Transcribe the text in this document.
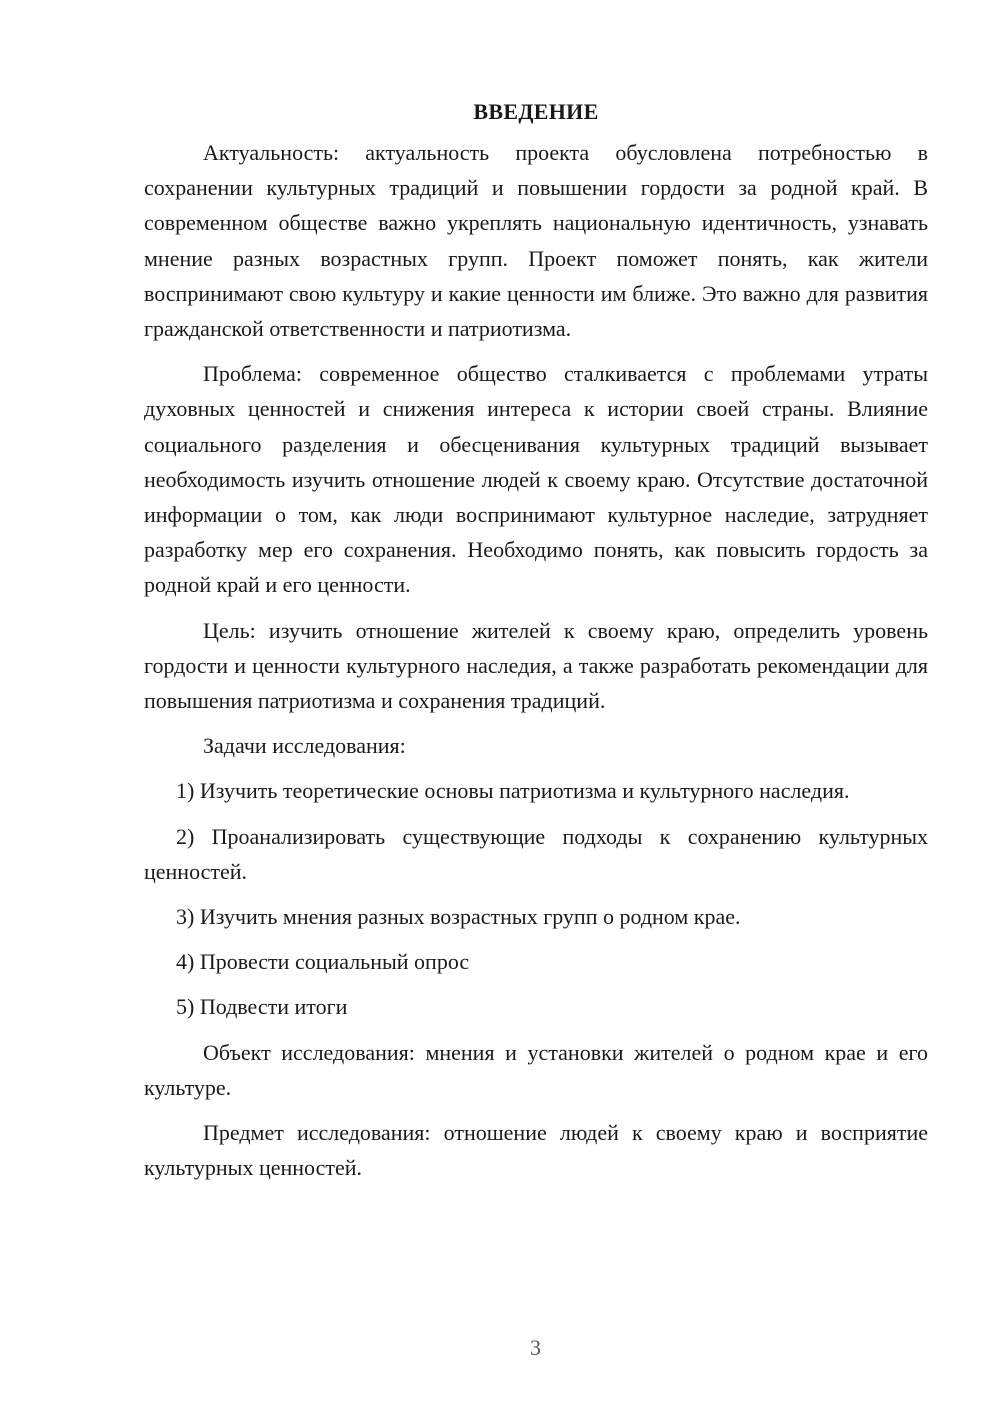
ВВЕДЕНИЕ

Актуальность: актуальность проекта обусловлена потребностью в сохранении культурных традиций и повышении гордости за родной край. В современном обществе важно укреплять национальную идентичность, узнавать мнение разных возрастных групп. Проект поможет понять, как жители воспринимают свою культуру и какие ценности им ближе. Это важно для развития гражданской ответственности и патриотизма.

Проблема: современное общество сталкивается с проблемами утраты духовных ценностей и снижения интереса к истории своей страны. Влияние социального разделения и обесценивания культурных традиций вызывает необходимость изучить отношение людей к своему краю. Отсутствие достаточной информации о том, как люди воспринимают культурное наследие, затрудняет разработку мер его сохранения. Необходимо понять, как повысить гордость за родной край и его ценности.

Цель: изучить отношение жителей к своему краю, определить уровень гордости и ценности культурного наследия, а также разработать рекомендации для повышения патриотизма и сохранения традиций.

Задачи исследования:

1) Изучить теоретические основы патриотизма и культурного наследия.

2) Проанализировать существующие подходы к сохранению культурных ценностей.

3) Изучить мнения разных возрастных групп о родном крае.

4) Провести социальный опрос

5) Подвести итоги

Объект исследования: мнения и установки жителей о родном крае и его культуре.

Предмет исследования: отношение людей к своему краю и восприятие культурных ценностей.

3
